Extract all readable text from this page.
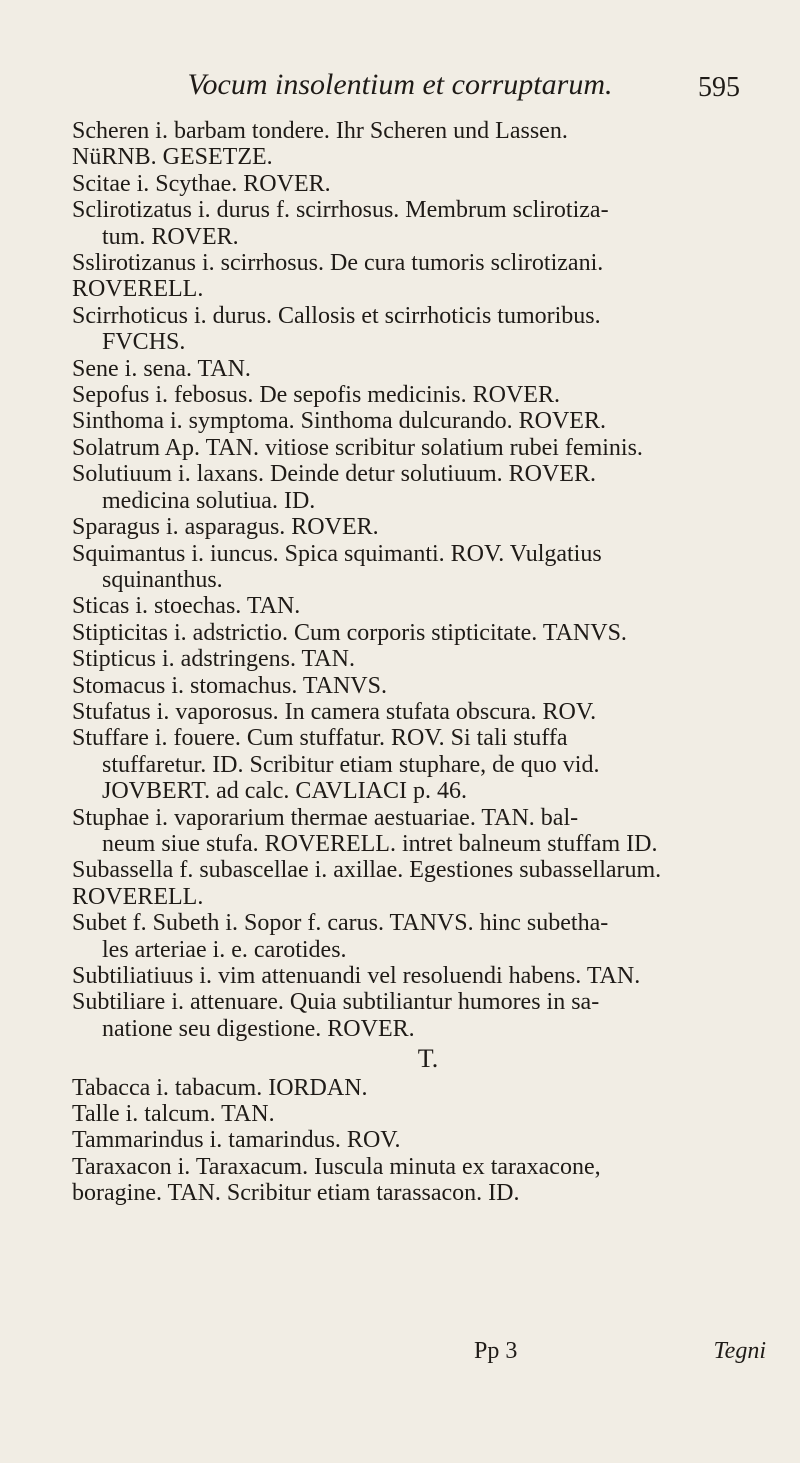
Vocum insolentium et corruptarum.	595
Scheren i. barbam tondere. Ihr Scheren und Lassen.
NüRNB. GESETZE.
Scitae i. Scythae. ROVER.
Sclirotizatus i. durus f. scirrhosus. Membrum sclirotiza-
tum. ROVER.
Sslirotizanus i. scirrhosus. De cura tumoris sclirotizani.
ROVERELL.
Scirrhoticus i. durus. Callosis et scirrhoticis tumoribus.
FVCHS.
Sene i. sena. TAN.
Sepofus i. febosus. De sepofis medicinis. ROVER.
Sinthoma i. symptoma. Sinthoma dulcurando. ROVER.
Solatrum Ap. TAN. vitiose scribitur solatium rubei feminis.
Solutiuum i. laxans. Deinde detur solutiuum. ROVER.
medicina solutiua. ID.
Sparagus i. asparagus. ROVER.
Squimantus i. iuncus. Spica squimanti. ROV. Vulgatius
squinanthus.
Sticas i. stoechas. TAN.
Stipticitas i. adstrictio. Cum corporis stipticitate. TANVS.
Stipticus i. adstringens. TAN.
Stomacus i. stomachus. TANVS.
Stufatus i. vaporosus. In camera stufata obscura. ROV.
Stuffare i. fouere. Cum stuffatur. ROV. Si tali stuffa
stuffaretur. ID. Scribitur etiam stuphare, de quo vid.
JOVBERT. ad calc. CAVLIACI p. 46.
Stuphae i. vaporarium thermae aestuariae. TAN. bal-
neum siue stufa. ROVERELL. intret balneum stuffam ID.
Subassella f. subascellae i. axillae. Egestiones subassellarum.
ROVERELL.
Subet f. Subeth i. Sopor f. carus. TANVS. hinc subetha-
les arteriae i. e. carotides.
Subtiliatiuus i. vim attenuandi vel resoluendi habens. TAN.
Subtiliare i. attenuare. Quia subtiliantur humores in sa-
natione seu digestione. ROVER.
T.
Tabacca i. tabacum. IORDAN.
Talle i. talcum. TAN.
Tammarindus i. tamarindus. ROV.
Taraxacon i. Taraxacum. Iuscula minuta ex taraxacone,
boragine. TAN. Scribitur etiam tarassacon. ID.
Pp 3	Tegni
